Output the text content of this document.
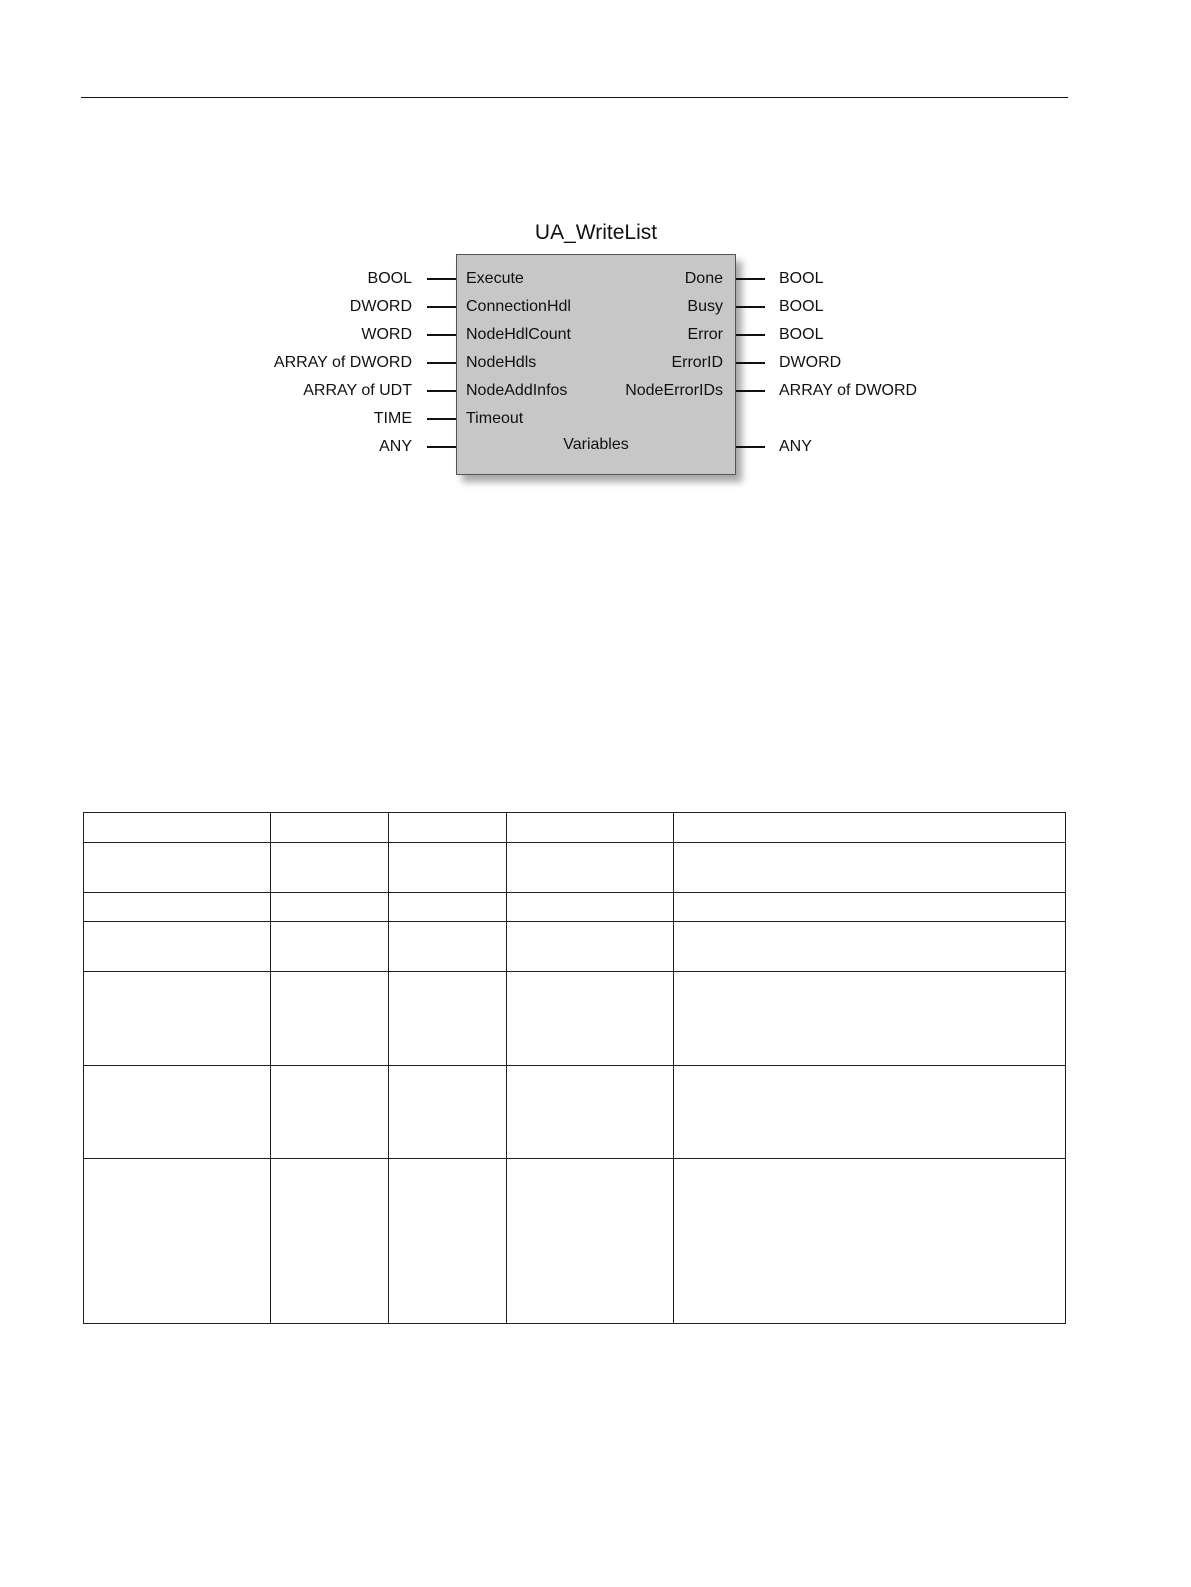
UA_WriteList
BOOL	Execute
DWORD	ConnectionHdl
WORD	NodeHdlCount
ARRAY of DWORD	NodeHdls
ARRAY of UDT	NodeAddInfos
TIME	Timeout
Done	BOOL
Busy	BOOL
Error	BOOL
ErrorID	DWORD
NodeErrorIDs	ARRAY of DWORD
ANY	Variables	ANY
